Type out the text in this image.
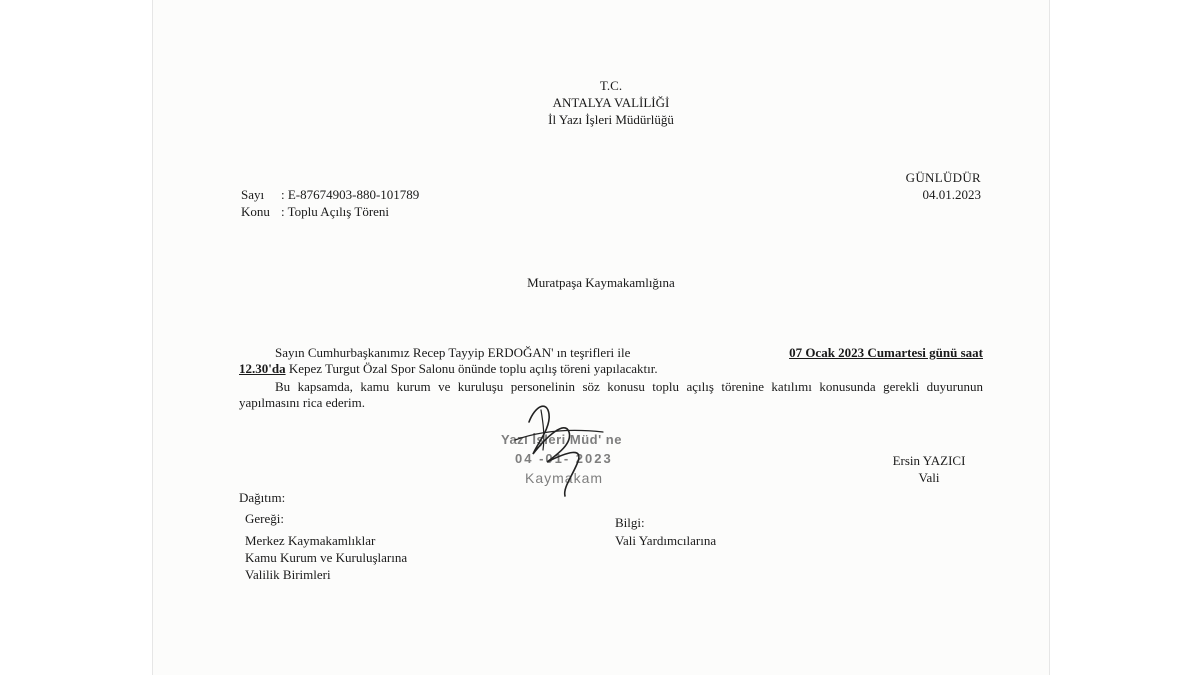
T.C.
ANTALYA VALİLİĞİ
İl Yazı İşleri Müdürlüğü
GÜNLÜDÜR
04.01.2023
Sayı : E-87674903-880-101789
Konu : Toplu Açılış Töreni
Muratpaşa Kaymakamlığına
Sayın Cumhurbaşkanımız Recep Tayyip ERDOĞAN' ın teşrifleri ile	07 Ocak 2023 Cumartesi günü saat
12.30'da Kepez Turgut Özal Spor Salonu önünde toplu açılış töreni yapılacaktır.
Bu kapsamda, kamu kurum ve kuruluşu personelinin söz konusu toplu açılış törenine katılımı konusunda gerekli duyurunun yapılmasını rica ederim.
Yazı İşleri Müd' ne
04 -01- 2023
Kaymakam
Ersin YAZICI
Vali
Dağıtım:
Gereği:
Merkez Kaymakamlıklar
Kamu Kurum ve Kuruluşlarına
Valilik Birimleri
Bilgi:
Vali Yardımcılarına
